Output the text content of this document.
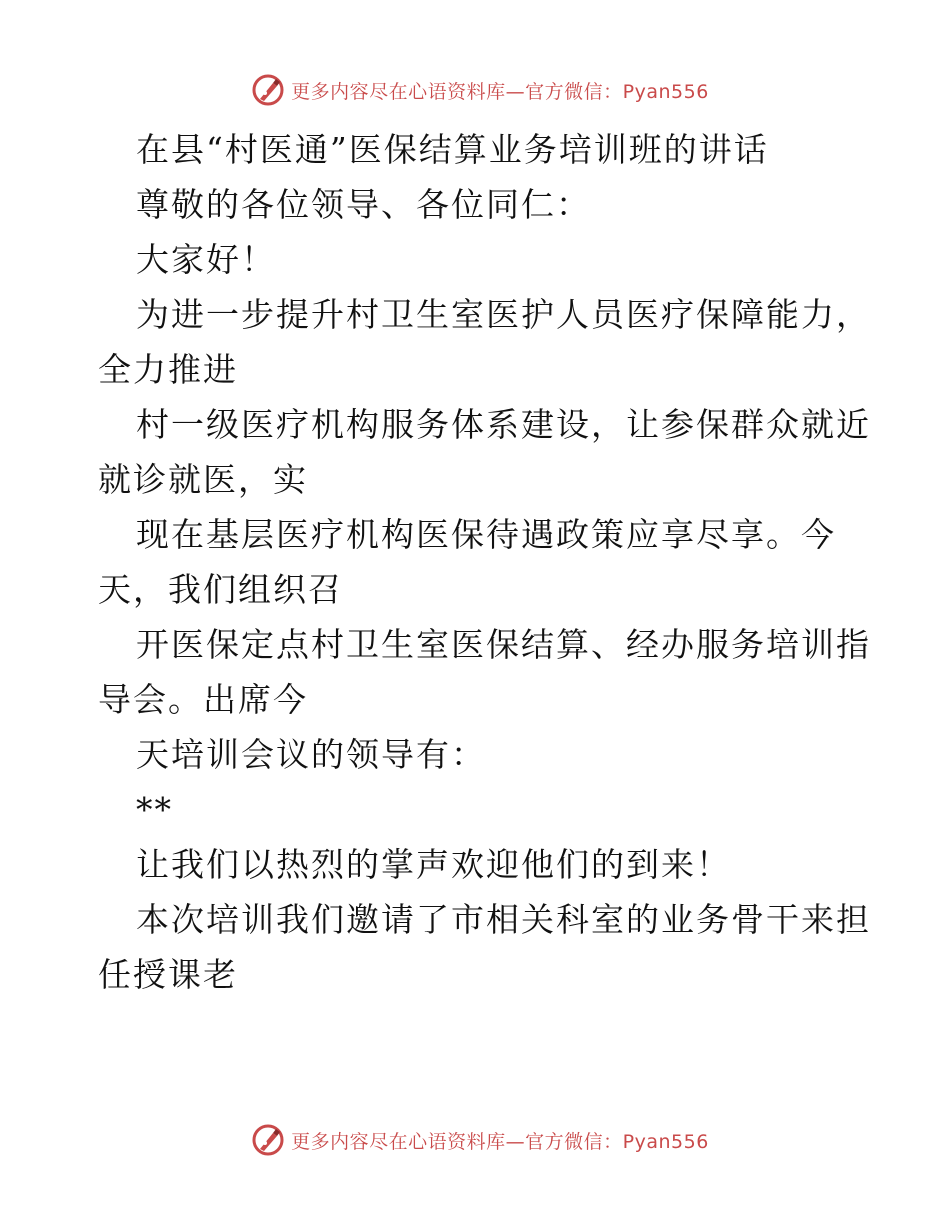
更多内容尽在心语资料库—官方微信：Pyan556
在县“村医通”医保结算业务培训班的讲话
尊敬的各位领导、各位同仁：
大家好！
为进一步提升村卫生室医护人员医疗保障能力，
全力推进
村一级医疗机构服务体系建设，让参保群众就近
就诊就医，实
现在基层医疗机构医保待遇政策应享尽享。今
天，我们组织召
开医保定点村卫生室医保结算、经办服务培训指
导会。出席今
天培训会议的领导有：
**
让我们以热烈的掌声欢迎他们的到来！
本次培训我们邀请了市相关科室的业务骨干来担
任授课老
更多内容尽在心语资料库—官方微信：Pyan556
